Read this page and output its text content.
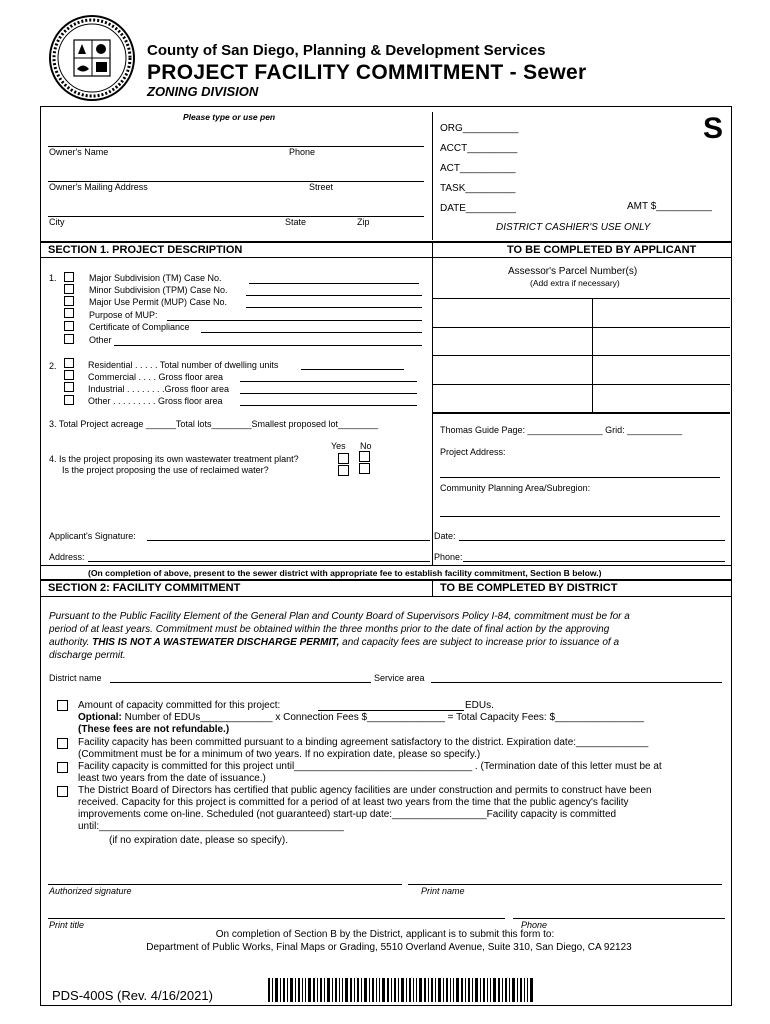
County of San Diego, Planning & Development Services
PROJECT FACILITY COMMITMENT - Sewer
ZONING DIVISION
Please type or use pen
Owner's Name	Phone
Owner's Mailing Address	Street
City	State	Zip
ORG__________
ACCT_________
ACT__________
TASK_________
DATE_________	AMT $__________
S
DISTRICT CASHIER'S USE ONLY
SECTION 1. PROJECT DESCRIPTION	TO BE COMPLETED BY APPLICANT
1.	Major Subdivision (TM) Case No.
Minor Subdivision (TPM) Case No.
Major Use Permit (MUP) Case No.
Purpose of MUP:
Certificate of Compliance
Other
2.	Residential . . . . . Total number of dwelling units
Commercial . . . . Gross floor area
Industrial . . . . . . . .Gross floor area
Other . . . . . . . . . Gross floor area
3. Total Project acreage ______Total lots________Smallest proposed lot________
Yes No
4. Is the project proposing its own wastewater treatment plant?
Is the project proposing the use of reclaimed water?
Assessor's Parcel Number(s)
(Add extra if necessary)
Thomas Guide Page: _______________ Grid: ___________
Project Address:
Community Planning Area/Subregion:
Applicant's Signature:	Date:
Address:	Phone:
(On completion of above, present to the sewer district with appropriate fee to establish facility commitment, Section B below.)
SECTION 2: FACILITY COMMITMENT	TO BE COMPLETED BY DISTRICT
Pursuant to the Public Facility Element of the General Plan and County Board of Supervisors Policy I-84, commitment must be for a
period of at least years. Commitment must be obtained within the three months prior to the date of final action by the approving
authority. THIS IS NOT A WASTEWATER DISCHARGE PERMIT, and capacity fees are subject to increase prior to issuance of a
discharge permit.
District name	Service area
Amount of capacity committed for this project:	EDUs.
Optional: Number of EDUs_____________ x Connection Fees $______________ = Total Capacity Fees: $________________
(These fees are not refundable.)
Facility capacity has been committed pursuant to a binding agreement satisfactory to the district. Expiration date:_____________
(Commitment must be for a minimum of two years. If no expiration date, please so specify.)
Facility capacity is committed for this project until________________________________ . (Termination date of this letter must be at
least two years from the date of issuance.)
The District Board of Directors has certified that public agency facilities are under construction and permits to construct have been
received. Capacity for this project is committed for a period of at least two years from the time that the public agency's facility
improvements come on-line. Scheduled (not guaranteed) start-up date:_________________Facility capacity is committed
until:____________________________________________
(if no expiration date, please so specify).
Authorized signature	Print name
Print title	Phone
On completion of Section B by the District, applicant is to submit this form to:
Department of Public Works, Final Maps or Grading, 5510 Overland Avenue, Suite 310, San Diego, CA 92123
PDS-400S (Rev. 4/16/2021)
